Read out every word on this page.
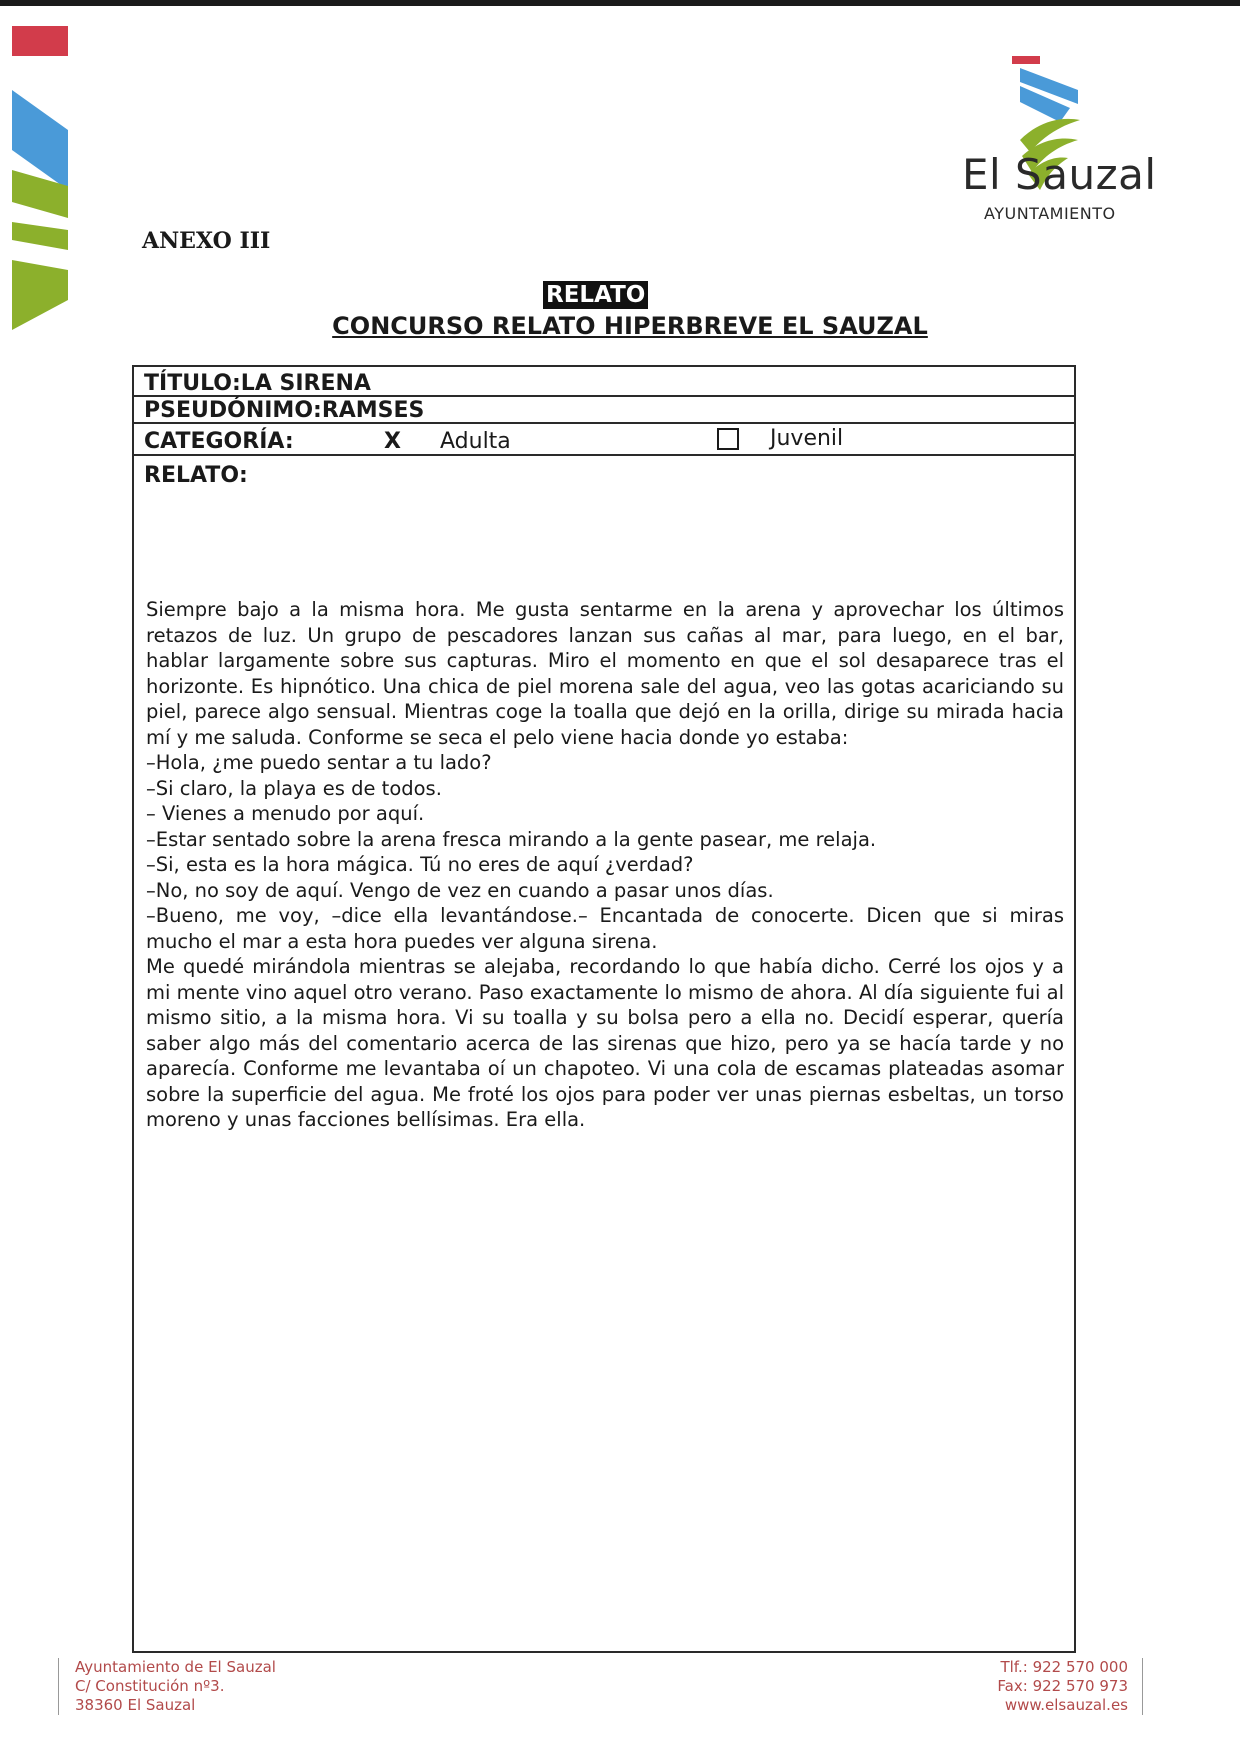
El Sauzal
AYUNTAMIENTO
ANEXO III
RELATO
CONCURSO RELATO HIPERBREVE EL SAUZAL
TÍTULO:LA SIRENA
PSEUDÓNIMO:RAMSES
CATEGORÍA:	X Adulta	Juvenil
RELATO:

Siempre bajo a la misma hora. Me gusta sentarme en la arena y aprovechar los últimos retazos de luz. Un grupo de pescadores lanzan sus cañas al mar, para luego, en el bar, hablar largamente sobre sus capturas. Miro el momento en que el sol desaparece tras el horizonte. Es hipnótico. Una chica de piel morena sale del agua, veo las gotas acariciando su piel, parece algo sensual. Mientras coge la toalla que dejó en la orilla, dirige su mirada hacia mí y me saluda. Conforme se seca el pelo viene hacia donde yo estaba:

–Hola, ¿me puedo sentar a tu lado?

–Si claro, la playa es de todos.

– Vienes a menudo por aquí.

–Estar sentado sobre la arena fresca mirando a la gente pasear, me relaja.

–Si, esta es la hora mágica. Tú no eres de aquí ¿verdad?

–No, no soy de aquí. Vengo de vez en cuando a pasar unos días.

–Bueno, me voy, –dice ella levantándose.– Encantada de conocerte. Dicen que si miras mucho el mar a esta hora puedes ver alguna sirena.

Me quedé mirándola mientras se alejaba, recordando lo que había dicho. Cerré los ojos y a mi mente vino aquel otro verano. Paso exactamente lo mismo de ahora. Al día siguiente fui al mismo sitio, a la misma hora. Vi su toalla y su bolsa pero a ella no. Decidí esperar, quería saber algo más del comentario acerca de las sirenas que hizo, pero ya se hacía tarde y no aparecía. Conforme me levantaba oí un chapoteo. Vi una cola de escamas plateadas asomar sobre la superficie del agua. Me froté los ojos para poder ver unas piernas esbeltas, un torso moreno y unas facciones bellísimas. Era ella.

Ayuntamiento de El Sauzal
C/ Constitución nº3.
38360 El Sauzal
Tlf.: 922 570 000
Fax: 922 570 973
www.elsauzal.es
